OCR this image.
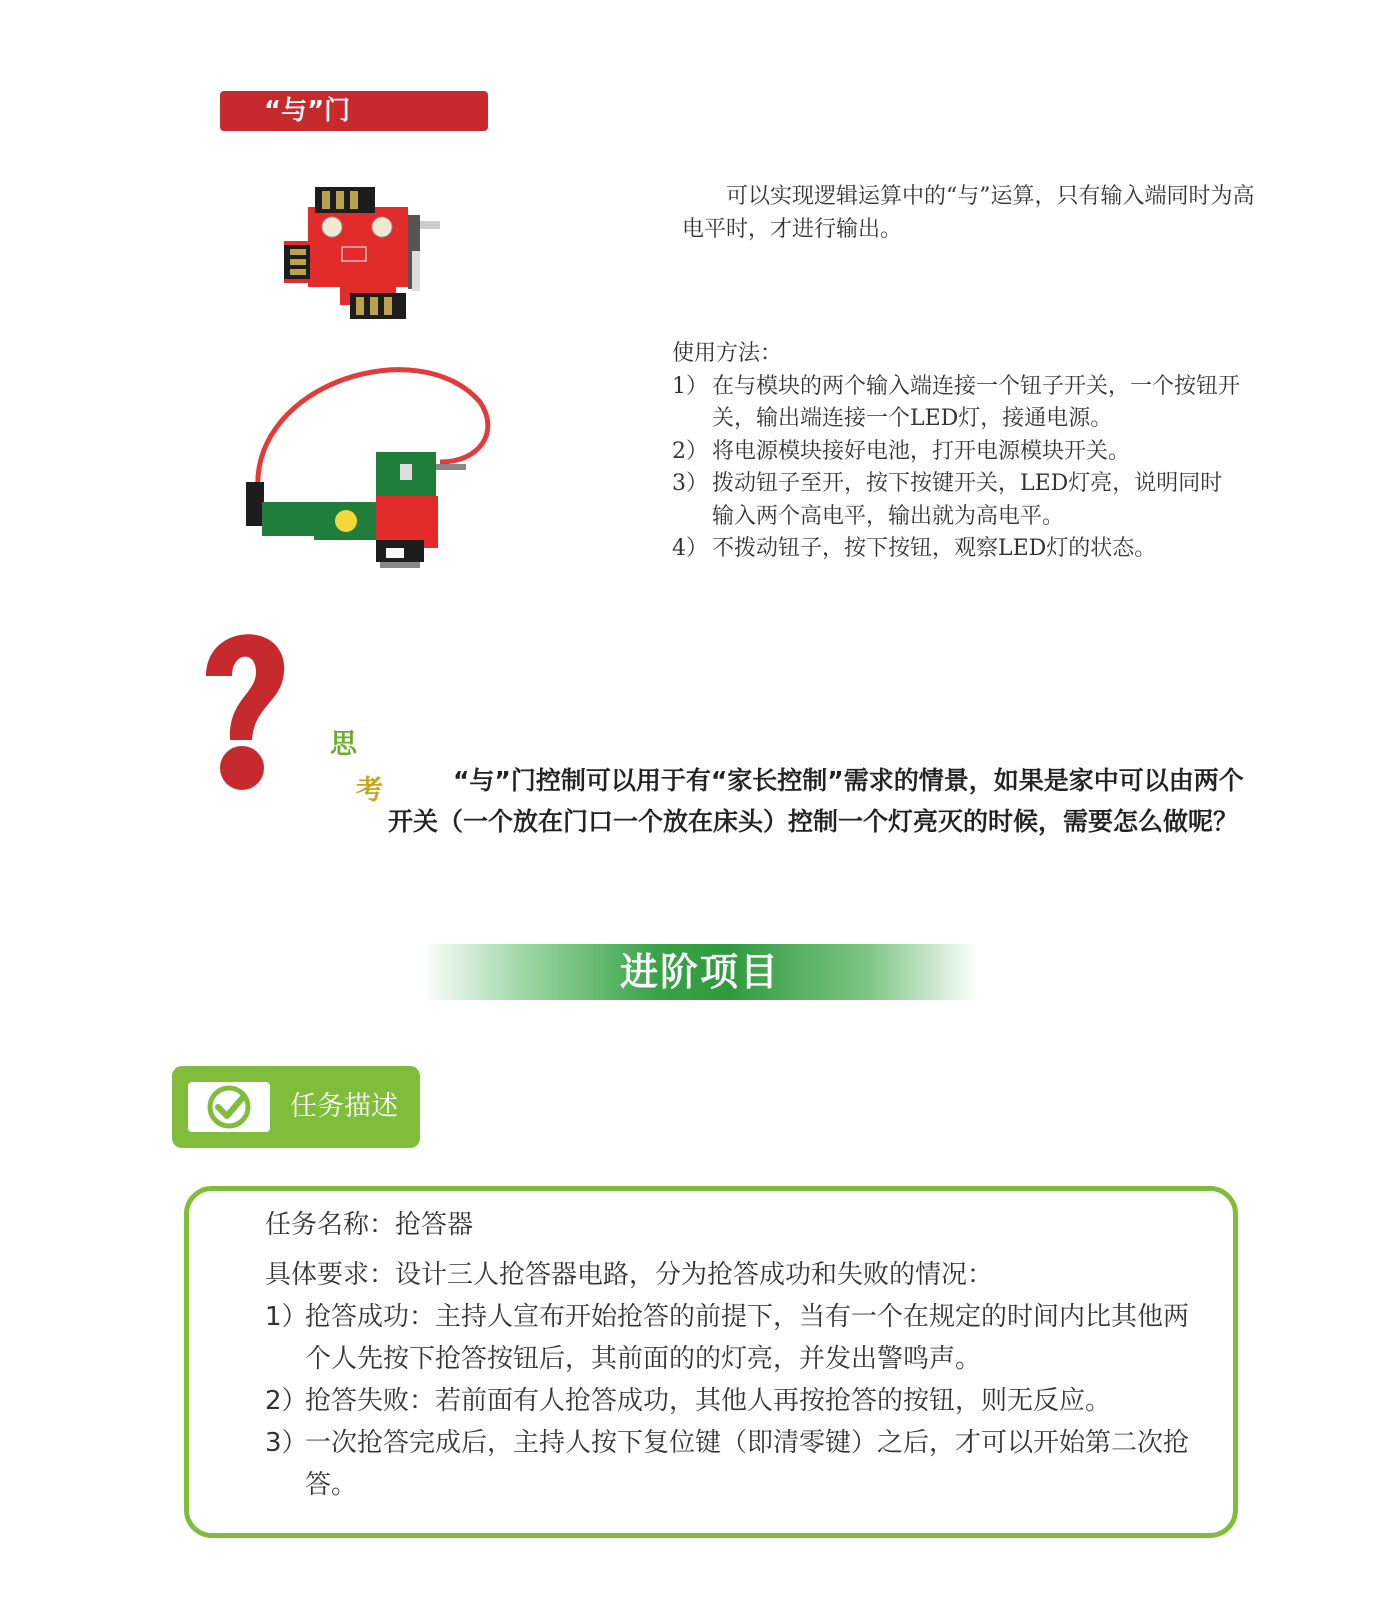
“与”门

可以实现逻辑运算中的“与”运算，只有输入端同时为高电平时，才进行输出。

使用方法：

1） 在与模块的两个输入端连接一个钮子开关，一个按钮开关，输出端连接一个LED灯，接通电源。
2） 将电源模块接好电池，打开电源模块开关。
3） 拨动钮子至开，按下按键开关，LED灯亮，说明同时输入两个高电平，输出就为高电平。
4） 不拨动钮子，按下按钮，观察LED灯的状态。
思
考	“与”门控制可以用于有“家长控制”需求的情景，如果是家中可以由两个开关（一个放在门口一个放在床头）控制一个灯亮灭的时候，需要怎么做呢？

进阶项目
任务描述

任务名称：抢答器

具体要求：设计三人抢答器电路，分为抢答成功和失败的情况：

1）
抢答成功：主持人宣布开始抢答的前提下，当有一个在规定的时间内比其他两个人先按下抢答按钮后，其前面的的灯亮，并发出警鸣声。
2）
抢答失败：若前面有人抢答成功，其他人再按抢答的按钮，则无反应。
3）
一次抢答完成后，主持人按下复位键（即清零键）之后，才可以开始第二次抢答。
